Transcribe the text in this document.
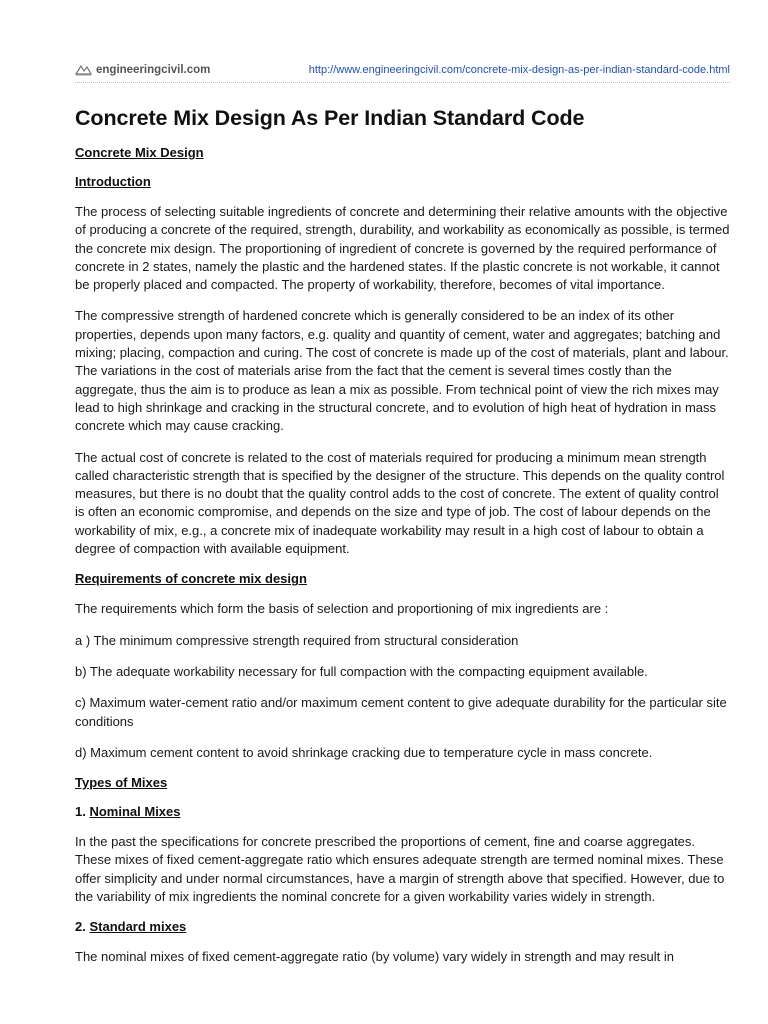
engineeringcivil.com	http://www.engineeringcivil.com/concrete-mix-design-as-per-indian-standard-code.html
Concrete Mix Design As Per Indian Standard Code
Concrete Mix Design
Introduction

The process of selecting suitable ingredients of concrete and determining their relative amounts with the objective of producing a concrete of the required, strength, durability, and workability as economically as possible, is termed the concrete mix design. The proportioning of ingredient of concrete is governed by the required performance of concrete in 2 states, namely the plastic and the hardened states. If the plastic concrete is not workable, it cannot be properly placed and compacted. The property of workability, therefore, becomes of vital importance.

The compressive strength of hardened concrete which is generally considered to be an index of its other properties, depends upon many factors, e.g. quality and quantity of cement, water and aggregates; batching and mixing; placing, compaction and curing. The cost of concrete is made up of the cost of materials, plant and labour. The variations in the cost of materials arise from the fact that the cement is several times costly than the aggregate, thus the aim is to produce as lean a mix as possible. From technical point of view the rich mixes may lead to high shrinkage and cracking in the structural concrete, and to evolution of high heat of hydration in mass concrete which may cause cracking.

The actual cost of concrete is related to the cost of materials required for producing a minimum mean strength called characteristic strength that is specified by the designer of the structure. This depends on the quality control measures, but there is no doubt that the quality control adds to the cost of concrete. The extent of quality control is often an economic compromise, and depends on the size and type of job. The cost of labour depends on the workability of mix, e.g., a concrete mix of inadequate workability may result in a high cost of labour to obtain a degree of compaction with available equipment.

Requirements of concrete mix design

The requirements which form the basis of selection and proportioning of mix ingredients are :

a ) The minimum compressive strength required from structural consideration

b) The adequate workability necessary for full compaction with the compacting equipment available.

c) Maximum water-cement ratio and/or maximum cement content to give adequate durability for the particular site conditions

d) Maximum cement content to avoid shrinkage cracking due to temperature cycle in mass concrete.

Types of Mixes
1. Nominal Mixes

In the past the specifications for concrete prescribed the proportions of cement, fine and coarse aggregates. These mixes of fixed cement-aggregate ratio which ensures adequate strength are termed nominal mixes. These offer simplicity and under normal circumstances, have a margin of strength above that specified. However, due to the variability of mix ingredients the nominal concrete for a given workability varies widely in strength.

2. Standard mixes

The nominal mixes of fixed cement-aggregate ratio (by volume) vary widely in strength and may result in
